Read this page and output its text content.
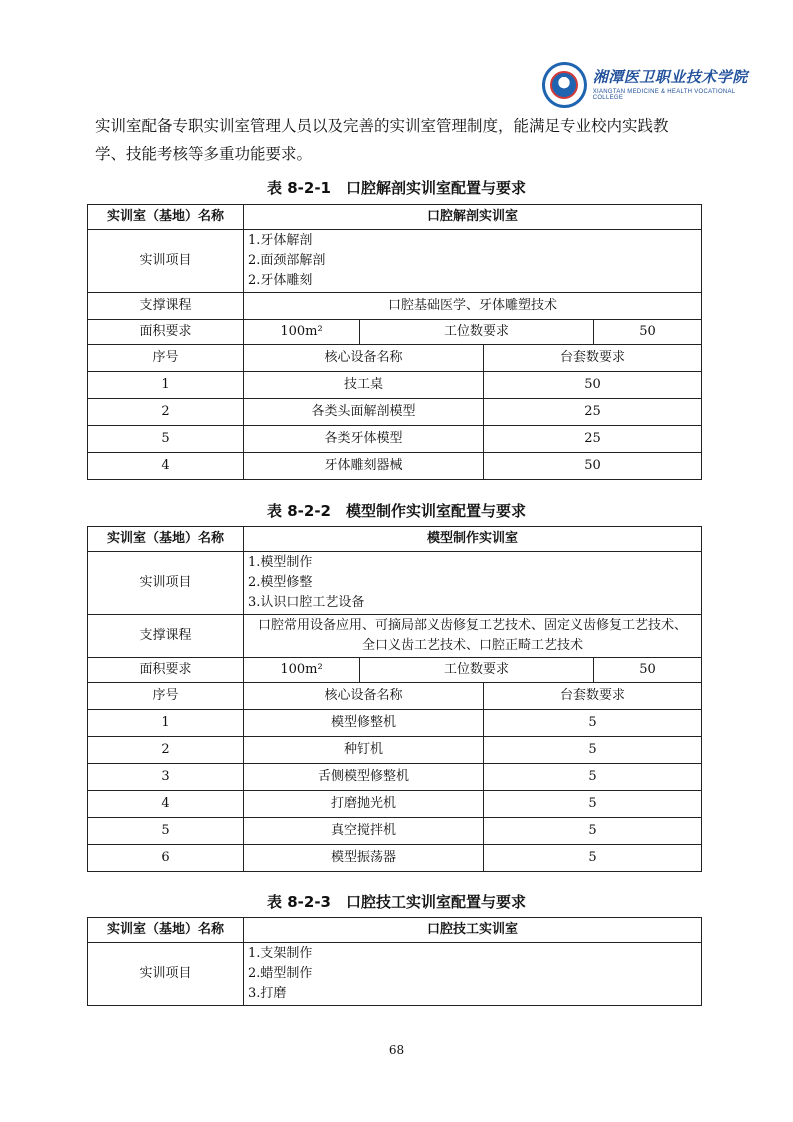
湘潭医卫职业技术学院
XIANGTAN MEDICINE & HEALTH VOCATIONAL COLLEGE

实训室配备专职实训室管理人员以及完善的实训室管理制度，能满足专业校内实践教

学、技能考核等多重功能要求。

表 8-2-1　口腔解剖实训室配置与要求
实训室（基地）名称	口腔解剖实训室			
实训项目	1.牙体解剖
2.面颈部解剖
2.牙体雕刻			

支撑课程	口腔基础医学、牙体雕塑技术			
面积要求	100m²	工位数要求		50
序号	核心设备名称		台套数要求	
1	技工桌		50	
2	各类头面解剖模型		25	
5	各类牙体模型		25	
4	牙体雕刻器械		50	
表 8-2-2　模型制作实训室配置与要求
实训室（基地）名称	模型制作实训室			
实训项目	1.模型制作
2.模型修整
3.认识口腔工艺设备			

支撑课程	口腔常用设备应用、可摘局部义齿修复工艺技术、固定义齿修复工艺技术、
全口义齿工艺技术、口腔正畸工艺技术			

面积要求	100m²	工位数要求		50
序号	核心设备名称		台套数要求	
1	模型修整机		5	
2	种钉机		5	
3	舌侧模型修整机		5	
4	打磨抛光机		5	
5	真空搅拌机		5	
6	模型振荡器		5	
表 8-2-3　口腔技工实训室配置与要求
实训室（基地）名称	口腔技工实训室
实训项目	1.支架制作
2.蜡型制作
3.打磨
68
